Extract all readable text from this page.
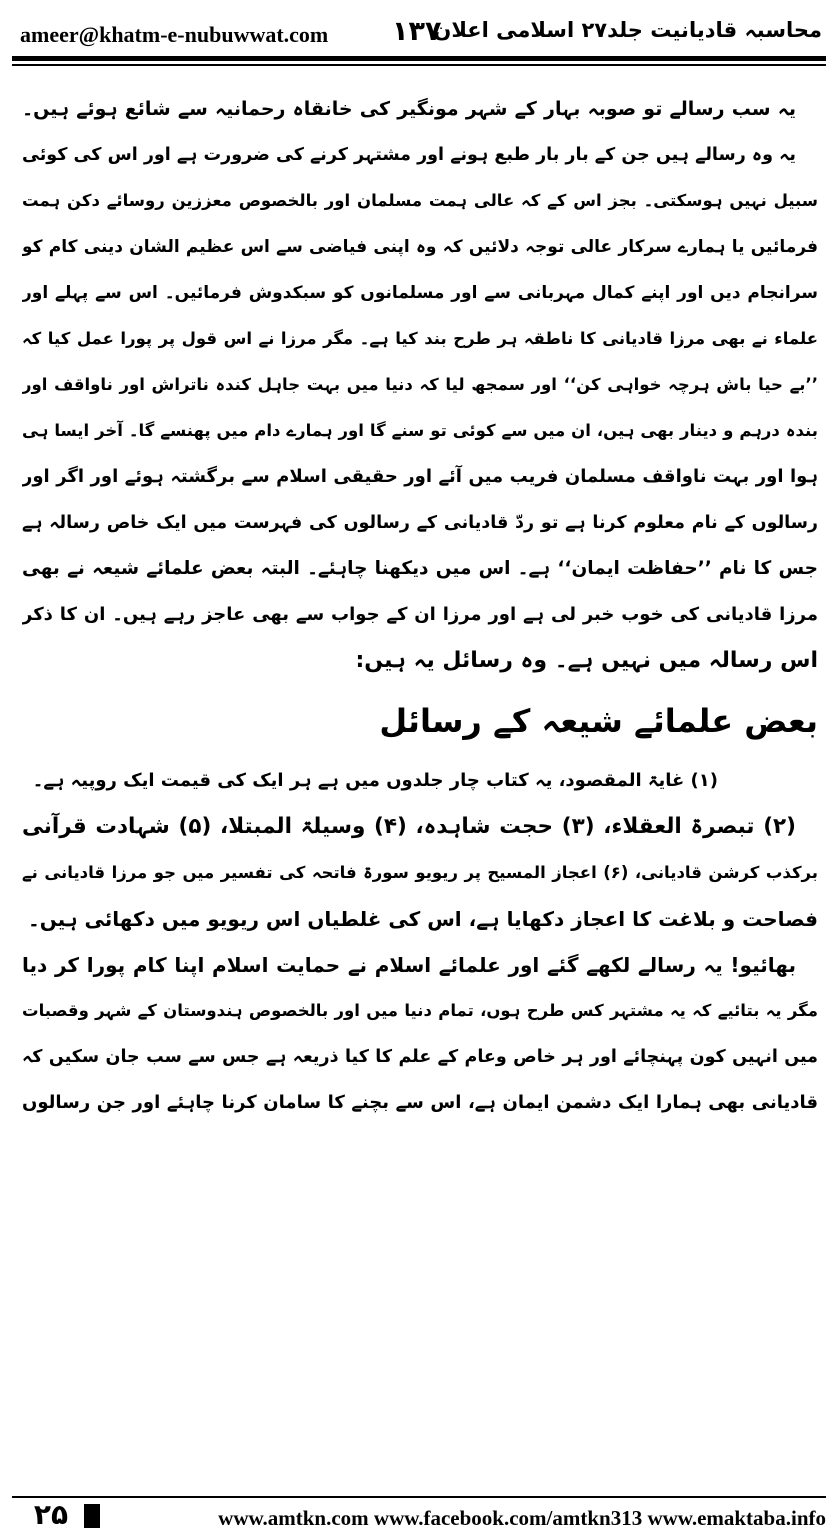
ameer@khatm-e-nubuwwat.com ١٣٧
محاسبہ قادیانیت جلد۲۷ اسلامی اعلان
یہ سب رسالے تو صوبہ بہار کے شہر مونگیر کی خانقاہ رحمانیہ سے شائع ہوئے ہیں۔
یہ وہ رسالے ہیں جن کے بار بار طبع ہونے اور مشتہر کرنے کی ضرورت ہے اور اس کی کوئی
سبیل نہیں ہوسکتی۔ بجز اس کے کہ عالی ہمت مسلمان اور بالخصوص معززین روسائے دکن ہمت
فرمائیں یا ہمارے سرکار عالی توجہ دلائیں کہ وہ اپنی فیاضی سے اس عظیم الشان دینی کام کو
سرانجام دیں اور اپنے کمال مہربانی سے اور مسلمانوں کو سبکدوش فرمائیں۔ اس سے پہلے اور
علماء نے بھی مرزا قادیانی کا ناطقہ ہر طرح بند کیا ہے۔ مگر مرزا نے اس قول پر پورا عمل کیا کہ
’’بے حیا باش ہرچہ خواہی کن‘‘ اور سمجھ لیا کہ دنیا میں بہت جاہل کندہ ناتراش اور ناواقف اور
بندہ درہم و دینار بھی ہیں، ان میں سے کوئی تو سنے گا اور ہمارے دام میں پھنسے گا۔ آخر ایسا ہی
ہوا اور بہت ناواقف مسلمان فریب میں آئے اور حقیقی اسلام سے برگشتہ ہوئے اور اگر اور
رسالوں کے نام معلوم کرنا ہے تو ردّ قادیانی کے رسالوں کی فہرست میں ایک خاص رسالہ ہے
جس کا نام ’’حفاظت ایمان‘‘ ہے۔ اس میں دیکھنا چاہئے۔ البتہ بعض علمائے شیعہ نے بھی
مرزا قادیانی کی خوب خبر لی ہے اور مرزا ان کے جواب سے بھی عاجز رہے ہیں۔ ان کا ذکر
اس رسالہ میں نہیں ہے۔ وہ رسائل یہ ہیں:
بعض علمائے شیعہ کے رسائل
(۱) غایۃ المقصود، یہ کتاب چار جلدوں میں ہے ہر ایک کی قیمت ایک روپیہ ہے۔
(۲) تبصرۃ العقلاء، (۳) حجت شاہدہ، (۴) وسیلۃ المبتلا، (۵) شہادت قرآنی
برکذب کرشن قادیانی، (۶) اعجاز المسیح پر ریویو سورۃ فاتحہ کی تفسیر میں جو مرزا قادیانی نے
فصاحت و بلاغت کا اعجاز دکھایا ہے، اس کی غلطیاں اس ریویو میں دکھائی ہیں۔
بھائیو! یہ رسالے لکھے گئے اور علمائے اسلام نے حمایت اسلام اپنا کام پورا کر دیا
مگر یہ بتائیے کہ یہ مشتہر کس طرح ہوں، تمام دنیا میں اور بالخصوص ہندوستان کے شہر وقصبات
میں انہیں کون پہنچائے اور ہر خاص وعام کے علم کا کیا ذریعہ ہے جس سے سب جان سکیں کہ
قادیانی بھی ہمارا ایک دشمن ایمان ہے، اس سے بچنے کا سامان کرنا چاہئے اور جن رسالوں
۲۵	www.amtkn.com www.facebook.com/amtkn313 www.emaktaba.info
